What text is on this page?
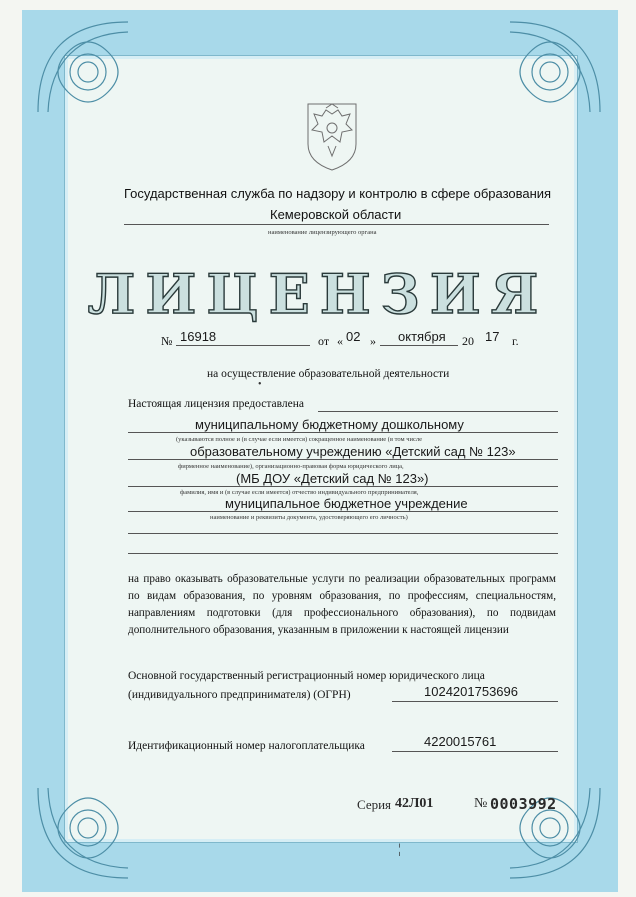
Государственная служба по надзору и контролю в сфере образования
Кемеровской области
наименование лицензирующего органа
ЛИЦЕНЗИЯ
№ 16918	от « 02 » октября 20 17 г.
на осуществление образовательной деятельности
•
Настоящая лицензия предоставлена
муниципальному бюджетному дошкольному
(указываются полное и (в случае если имеется) сокращенное наименование (в том числе
образовательному учреждению «Детский сад № 123»
фирменное наименование), организационно-правовая форма юридического лица,
(МБ ДОУ «Детский сад № 123»)
фамилия, имя и (в случае если имеется) отчество индивидуального предпринимателя,
муниципальное бюджетное учреждение
наименование и реквизиты документа, удостоверяющего его личность)
на право оказывать образовательные услуги по реализации образовательных программ по видам образования, по уровням образования, по профессиям, специальностям, направлениям подготовки (для профессионального образования), по подвидам дополнительного образования, указанным в приложении к настоящей лицензии
Основной государственный регистрационный номер юридического лица
(индивидуального предпринимателя) (ОГРН)	1024201753696
Идентификационный номер налогоплательщика	4220015761
Серия 42Л01	№ 0003992
¦
